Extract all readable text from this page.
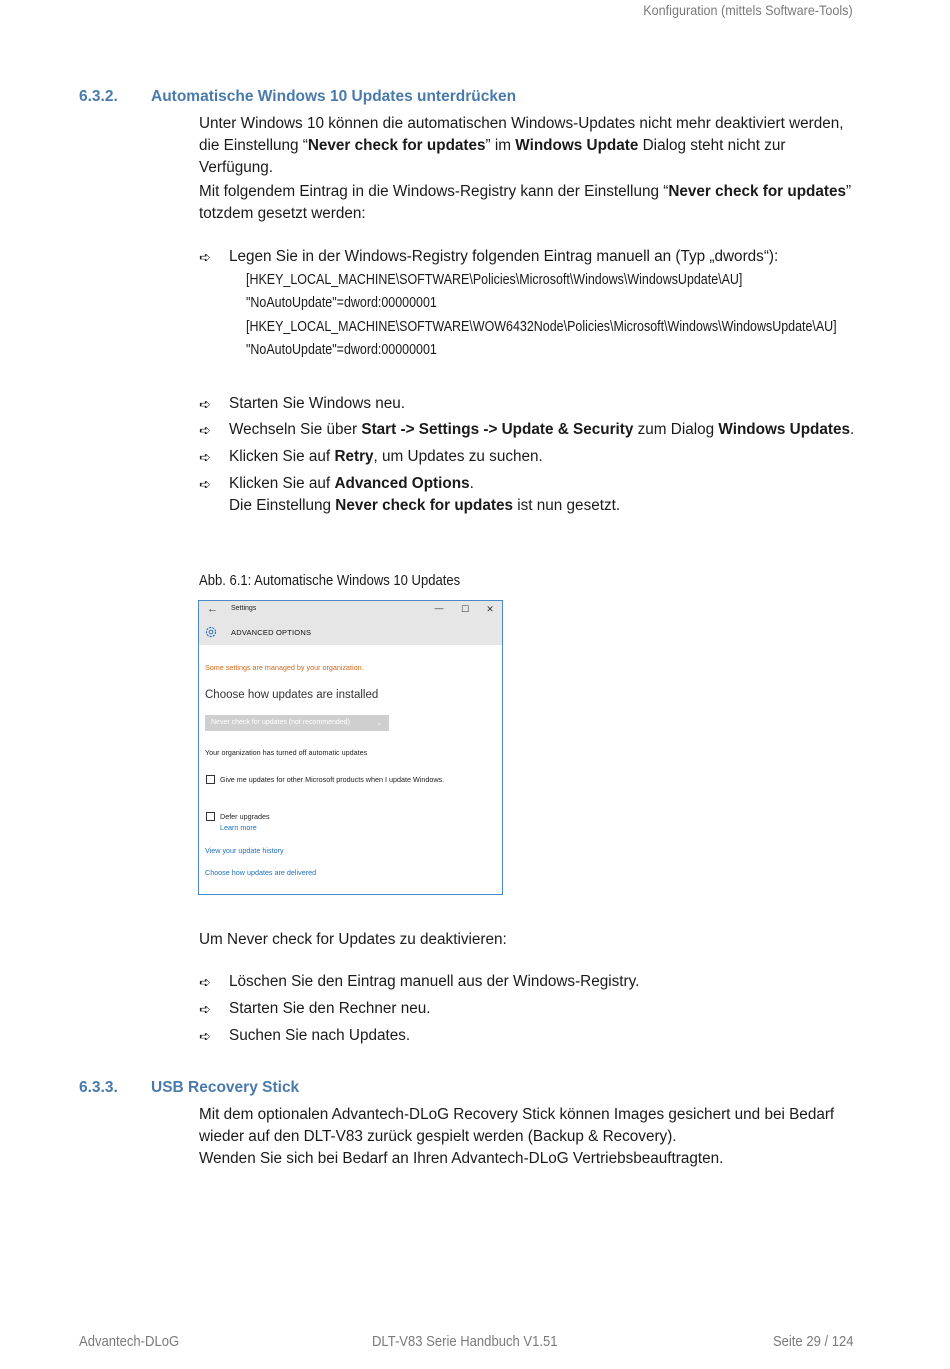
Konfiguration (mittels Software-Tools)
6.3.2. Automatische Windows 10 Updates unterdrücken

Unter Windows 10 können die automatischen Windows-Updates nicht mehr deaktiviert werden, die Einstellung “Never check for updates” im Windows Update Dialog steht nicht zur Verfügung.

Mit folgendem Eintrag in die Windows-Registry kann der Einstellung “Never check for updates” totzdem gesetzt werden:

➪	Legen Sie in der Windows-Registry folgenden Eintrag manuell an (Typ „dwords“):
[HKEY_LOCAL_MACHINE\SOFTWARE\Policies\Microsoft\Windows\WindowsUpdate\AU]
"NoAutoUpdate"=dword:00000001
[HKEY_LOCAL_MACHINE\SOFTWARE\WOW6432Node\Policies\Microsoft\Windows\WindowsUpdate\AU]
"NoAutoUpdate"=dword:00000001
➪	Starten Sie Windows neu.
➪	Wechseln Sie über Start -> Settings -> Update & Security zum Dialog Windows Updates.
➪	Klicken Sie auf Retry, um Updates zu suchen.
➪	Klicken Sie auf Advanced Options.
Die Einstellung Never check for updates ist nun gesetzt.
Abb. 6.1: Automatische Windows 10 Updates
← Settings	— ☐ ✕
ADVANCED OPTIONS
Some settings are managed by your organization.
Choose how updates are installed
Never check for updates (not recommended)	⌄
Your organization has turned off automatic updates
Give me updates for other Microsoft products when I update Windows.
Defer upgrades
Learn more
View your update history
Choose how updates are delivered
Um Never check for Updates zu deaktivieren:
➪	Löschen Sie den Eintrag manuell aus der Windows-Registry.
➪	Starten Sie den Rechner neu.
➪	Suchen Sie nach Updates.
6.3.3. USB Recovery Stick

Mit dem optionalen Advantech-DLoG Recovery Stick können Images gesichert und bei Bedarf wieder auf den DLT-V83 zurück gespielt werden (Backup & Recovery).

Wenden Sie sich bei Bedarf an Ihren Advantech-DLoG Vertriebsbeauftragten.

Advantech-DLoG	DLT-V83 Serie Handbuch V1.51	Seite 29 / 124
